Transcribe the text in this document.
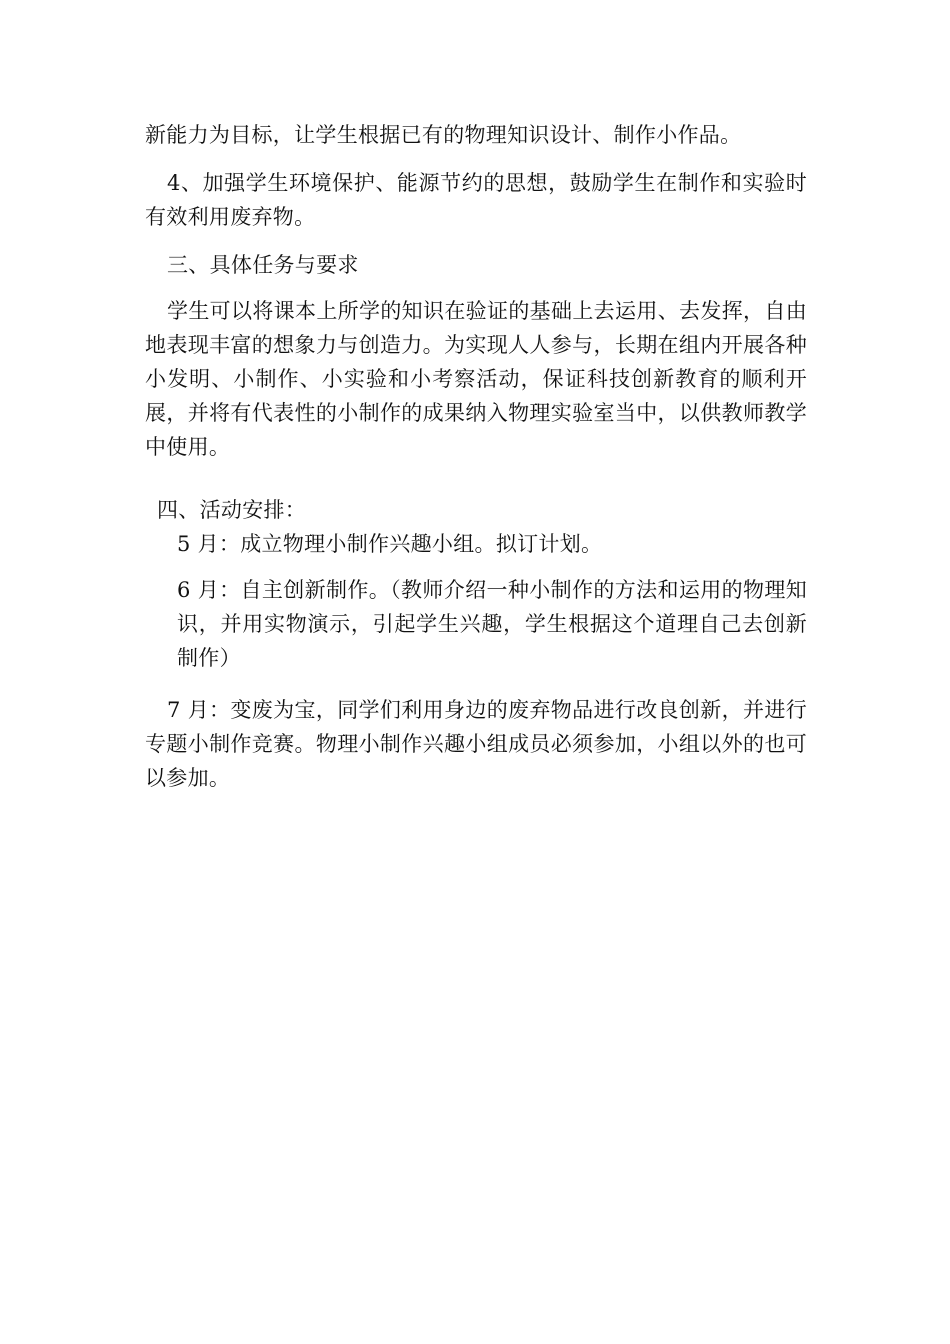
新能力为目标，让学生根据已有的物理知识设计、制作小作品。

4、加强学生环境保护、能源节约的思想，鼓励学生在制作和实验时有效利用废弃物。

三、具体任务与要求

学生可以将课本上所学的知识在验证的基础上去运用、去发挥，自由地表现丰富的想象力与创造力。为实现人人参与，长期在组内开展各种小发明、小制作、小实验和小考察活动，保证科技创新教育的顺利开展，并将有代表性的小制作的成果纳入物理实验室当中，以供教师教学中使用。

四、活动安排：

5 月：成立物理小制作兴趣小组。拟订计划。

6 月：自主创新制作。（教师介绍一种小制作的方法和运用的物理知识，并用实物演示，引起学生兴趣，学生根据这个道理自己去创新制作）

7 月：变废为宝，同学们利用身边的废弃物品进行改良创新，并进行专题小制作竞赛。物理小制作兴趣小组成员必须参加，小组以外的也可以参加。
